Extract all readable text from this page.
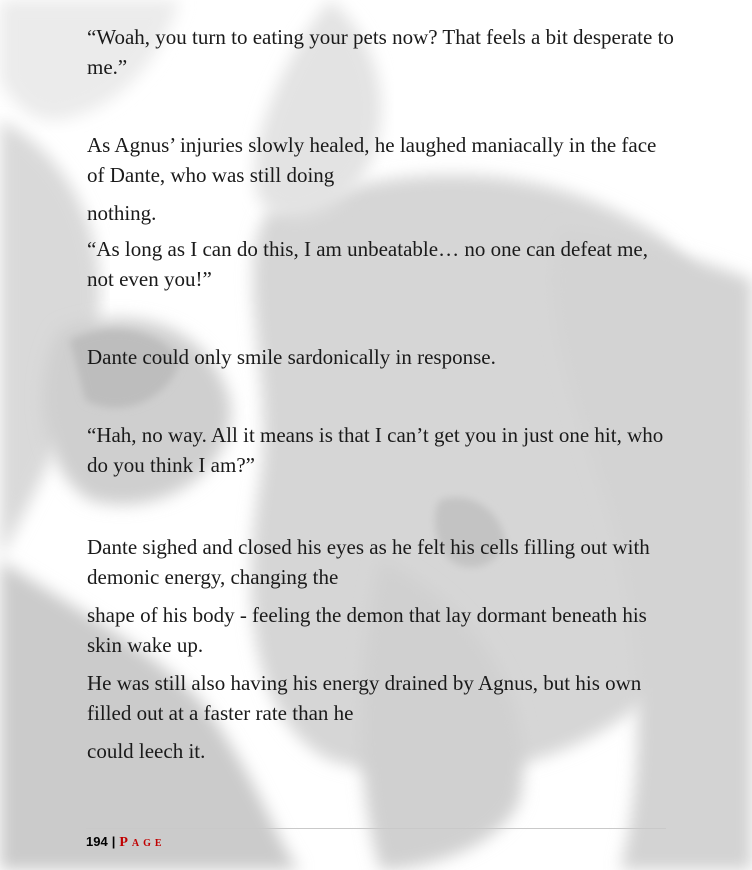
“Woah, you turn to eating your pets now? That feels a bit desperate to me.”

As Agnus’ injuries slowly healed, he laughed maniacally in the face of Dante, who was still doing

nothing.

“As long as I can do this, I am unbeatable… no one can defeat me, not even you!”

Dante could only smile sardonically in response.

“Hah, no way. All it means is that I can’t get you in just one hit, who do you think I am?”

Dante sighed and closed his eyes as he felt his cells filling out with demonic energy, changing the

shape of his body - feeling the demon that lay dormant beneath his skin wake up.

He was still also having his energy drained by Agnus, but his own filled out at a faster rate than he

could leech it.

194 | Page
